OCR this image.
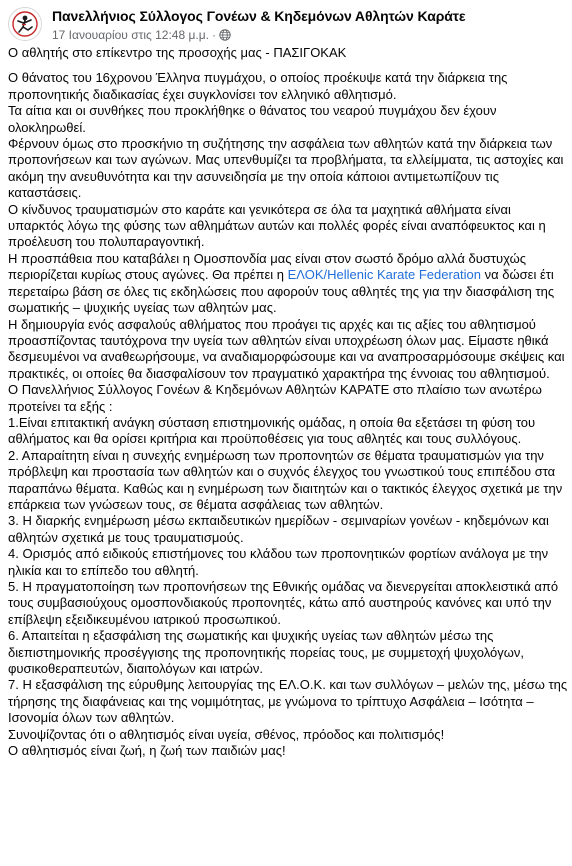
Πανελλήνιος Σύλλογος Γονέων & Κηδεμόνων Αθλητών Καράτε
17 Ιανουαρίου στις 12:48 μ.μ. ·

Ο αθλητής στο επίκεντρο της προσοχής μας - ΠΑΣΙΓΟΚΑΚ

Ο θάνατος του 16χρονου Έλληνα πυγμάχου, ο οποίος προέκυψε κατά την διάρκεια της προπονητικής διαδικασίας έχει συγκλονίσει τον ελληνικό αθλητισμό.

Τα αίτια και οι συνθήκες που προκλήθηκε ο θάνατος του νεαρού πυγμάχου δεν έχουν ολοκληρωθεί.

Φέρνουν όμως στο προσκήνιο τη συζήτησης την ασφάλεια των αθλητών κατά την διάρκεια των προπονήσεων και των αγώνων. Μας υπενθυμίζει τα προβλήματα, τα ελλείμματα, τις αστοχίες και ακόμη την ανευθυνότητα και την ασυνειδησία με την οποία κάποιοι αντιμετωπίζουν τις καταστάσεις.

Ο κίνδυνος τραυματισμών στο καράτε και γενικότερα σε όλα τα μαχητικά αθλήματα είναι υπαρκτός λόγω της φύσης των αθλημάτων αυτών και πολλές φορές είναι αναπόφευκτος και η προέλευση του πολυπαραγοντική.

Η προσπάθεια που καταβάλει η Ομοσπονδία μας είναι στον σωστό δρόμο αλλά δυστυχώς περιορίζεται κυρίως στους αγώνες. Θα πρέπει η ΕΛΟΚ/Hellenic Karate Federation να δώσει έτι περεταίρω βάση σε όλες τις εκδηλώσεις που αφορούν τους αθλητές της για την διασφάλιση της σωματικής – ψυχικής υγείας των αθλητών μας.

Η δημιουργία ενός ασφαλούς αθλήματος που προάγει τις αρχές και τις αξίες του αθλητισμού προασπίζοντας ταυτόχρονα την υγεία των αθλητών είναι υποχρέωση όλων μας. Είμαστε ηθικά δεσμευμένοι να αναθεωρήσουμε, να αναδιαμορφώσουμε και να αναπροσαρμόσουμε σκέψεις και πρακτικές, οι οποίες θα διασφαλίσουν τον πραγματικό χαρακτήρα της έννοιας του αθλητισμού.

Ο Πανελλήνιος Σύλλογος Γονέων & Κηδεμόνων Αθλητών ΚΑΡΑΤΕ στο πλαίσιο των ανωτέρω προτείνει τα εξής :

1.Είναι επιτακτική ανάγκη σύσταση επιστημονικής ομάδας, η οποία θα εξετάσει τη φύση του αθλήματος και θα ορίσει κριτήρια και προϋποθέσεις για τους αθλητές και τους συλλόγους.

2. Απαραίτητη είναι η συνεχής ενημέρωση των προπονητών σε θέματα τραυματισμών για την πρόβλεψη και προστασία των αθλητών και ο συχνός έλεγχος του γνωστικού τους επιπέδου στα παραπάνω θέματα. Καθώς και η ενημέρωση των διαιτητών και ο τακτικός έλεγχος σχετικά με την επάρκεια των γνώσεων τους, σε θέματα ασφάλειας των αθλητών.

3. Η διαρκής ενημέρωση μέσω εκπαιδευτικών ημερίδων - σεμιναρίων γονέων - κηδεμόνων και αθλητών σχετικά με τους τραυματισμούς.

4. Ορισμός από ειδικούς επιστήμονες του κλάδου των προπονητικών φορτίων ανάλογα με την ηλικία και το επίπεδο του αθλητή.

5. Η πραγματοποίηση των προπονήσεων της Εθνικής ομάδας να διενεργείται αποκλειστικά από τους συμβασιούχους ομοσπονδιακούς προπονητές, κάτω από αυστηρούς κανόνες και υπό την επίβλεψη εξειδικευμένου ιατρικού προσωπικού.

6. Απαιτείται η εξασφάλιση της σωματικής και ψυχικής υγείας των αθλητών μέσω της διεπιστημονικής προσέγγισης της προπονητικής πορείας τους, με συμμετοχή ψυχολόγων, φυσικοθεραπευτών, διαιτολόγων και ιατρών.

7. Η εξασφάλιση της εύρυθμης λειτουργίας της ΕΛ.Ο.Κ. και των συλλόγων – μελών της, μέσω της τήρησης της διαφάνειας και της νομιμότητας, με γνώμονα το τρίπτυχο Ασφάλεια – Ισότητα – Ισονομία όλων των αθλητών.

Συνοψίζοντας ότι ο αθλητισμός είναι υγεία, σθένος, πρόοδος και πολιτισμός!

Ο αθλητισμός είναι ζωή, η ζωή των παιδιών μας!
